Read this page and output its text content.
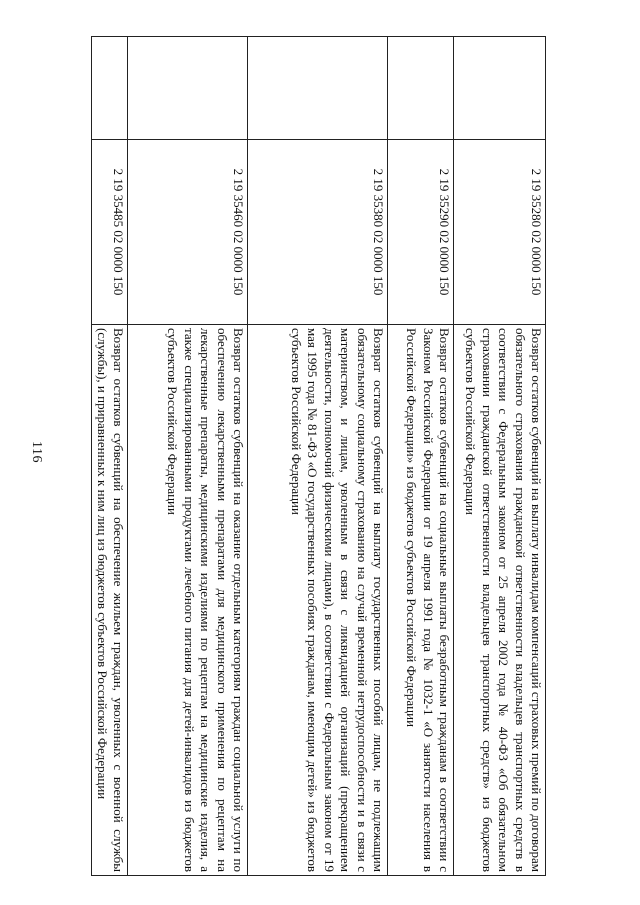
116
	2 19 35280 02 0000 150	Возврат остатков субвенций на выплату инвалидам компенсаций страховых премий по договорам обязательного страхования гражданской ответственности владельцев транспортных средств в соответствии с Федеральным законом от 25 апреля 2002 года № 40-ФЗ «Об обязательном страховании гражданской ответственности владельцев транспортных средств» из бюджетов субъектов Российской Федерации
	2 19 35290 02 0000 150	Возврат остатков субвенций на социальные выплаты безработным гражданам в соответствии с Законом Российской Федерации от 19 апреля 1991 года № 1032-1 «О занятости населения в Российской Федерации» из бюджетов субъектов Российской Федерации
	2 19 35380 02 0000 150	Возврат остатков субвенций на выплату государственных пособий лицам, не подлежащим обязательному социальному страхованию на случай временной нетрудоспособности и в связи с материнством, и лицам, уволенным в связи с ликвидацией организаций (прекращением деятельности, полномочий физическими лицами), в соответствии с Федеральным законом от 19 мая 1995 года № 81-ФЗ «О государственных пособиях гражданам, имеющим детей» из бюджетов субъектов Российской Федерации
	2 19 35460 02 0000 150	Возврат остатков субвенций на оказание отдельным категориям граждан социальной услуги по обеспечению лекарственными препаратами для медицинского применения по рецептам на лекарственные препараты, медицинскими изделиями по рецептам на медицинские изделия, а также специализированными продуктами лечебного питания для детей-инвалидов из бюджетов субъектов Российской Федерации
	2 19 35485 02 0000 150	Возврат остатков субвенций на обеспечение жильем граждан, уволенных с военной службы (службы), и приравненных к ним лиц из бюджетов субъектов Российской Федерации
